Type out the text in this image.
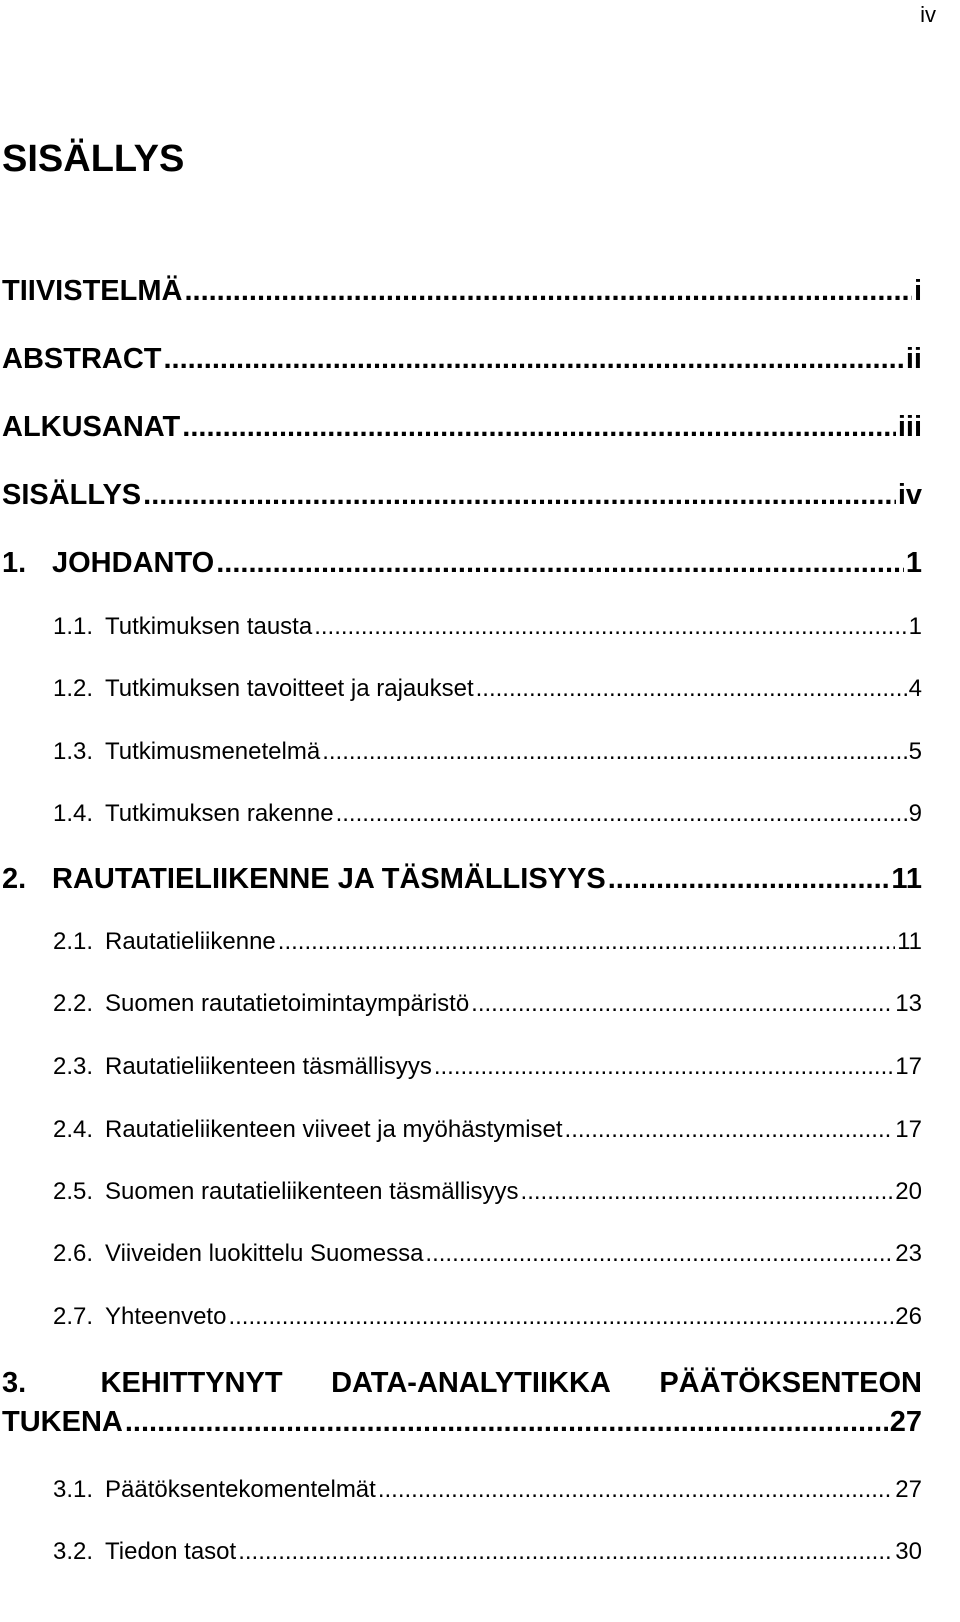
iv
SISÄLLYS
TIIVISTELMÄ .....	i
ABSTRACT .....	ii
ALKUSANAT .....	iii
SISÄLLYS .....	iv
1. JOHDANTO .....	1
1.1. Tutkimuksen tausta .....	1
1.2. Tutkimuksen tavoitteet ja rajaukset .....	4
1.3. Tutkimusmenetelmä .....	5
1.4. Tutkimuksen rakenne .....	9
2. RAUTATIELIIKENNE JA TÄSMÄLLISYYS .....	11
2.1. Rautatieliikenne .....	11
2.2. Suomen rautatietoimintaympäristö .....	13
2.3. Rautatieliikenteen täsmällisyys .....	17
2.4. Rautatieliikenteen viiveet ja myöhästymiset .....	17
2.5. Suomen rautatieliikenteen täsmällisyys .....	20
2.6. Viiveiden luokittelu Suomessa .....	23
2.7. Yhteenveto .....	26
3.	KEHITTYNYT DATA-ANALYTIIKKA PÄÄTÖKSENTEON
TUKENA .....	27
3.1. Päätöksentekomentelmät .....	27
3.2. Tiedon tasot .....	30
